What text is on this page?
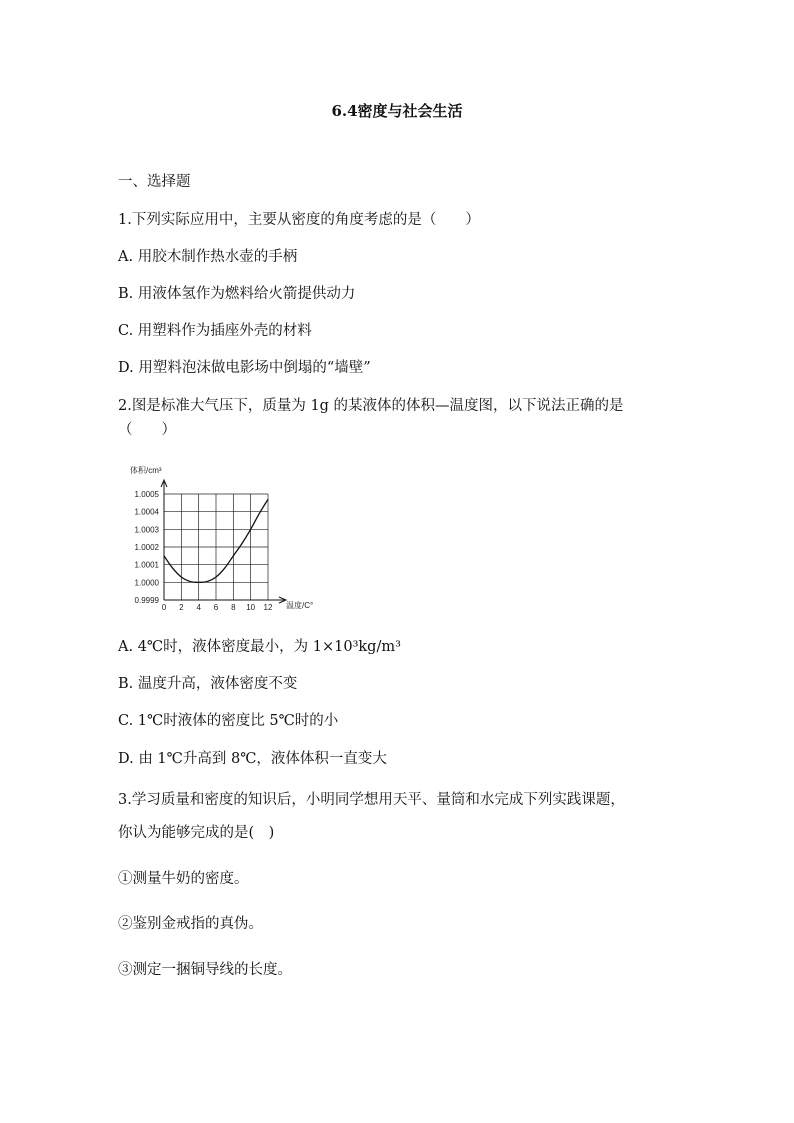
6.4密度与社会生活
一、选择题
1.下列实际应用中，主要从密度的角度考虑的是（　　）
A. 用胶木制作热水壶的手柄
B. 用液体氢作为燃料给火箭提供动力
C. 用塑料作为插座外壳的材料
D. 用塑料泡沫做电影场中倒塌的“墙壁”
2.图是标准大气压下，质量为 1g 的某液体的体积—温度图，以下说法正确的是
（　　）
0.9999
1.0000
1.0001
1.0002
1.0003
1.0004
1.0005
0 2 4 6 8 10 12
体积/cm³
温度/C°
A. 4℃时，液体密度最小，为 1×10³kg/m³
B. 温度升高，液体密度不变
C. 1℃时液体的密度比 5℃时的小
D. 由 1℃升高到 8℃，液体体积一直变大
3.学习质量和密度的知识后，小明同学想用天平、量筒和水完成下列实践课题，
你认为能够完成的是(　)
①测量牛奶的密度。
②鉴别金戒指的真伪。
③测定一捆铜导线的长度。
